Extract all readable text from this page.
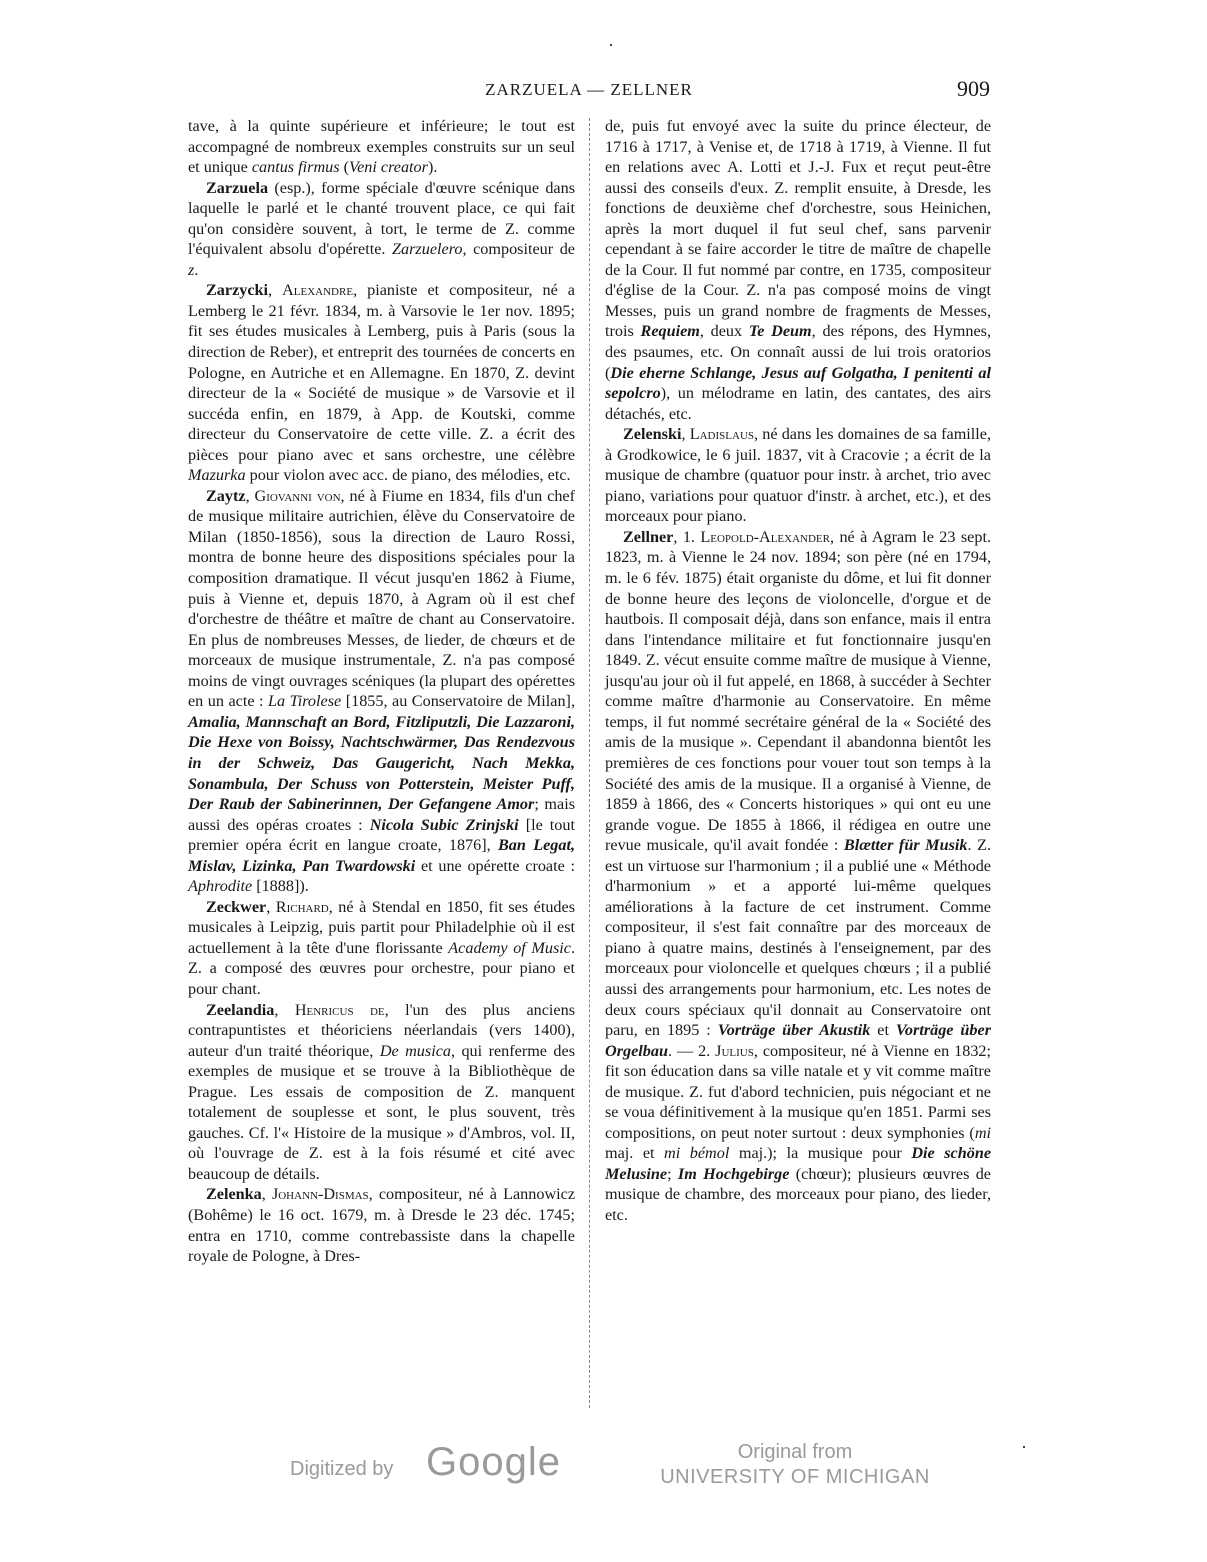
ZARZUELA — ZELLNER	909

tave, à la quinte supérieure et inférieure; le tout est accompagné de nombreux exemples construits sur un seul et unique cantus firmus (Veni creator).

Zarzuela (esp.), forme spéciale d'œuvre scénique dans laquelle le parlé et le chanté trouvent place, ce qui fait qu'on considère souvent, à tort, le terme de Z. comme l'équivalent absolu d'opérette. Zarzuelero, compositeur de z.

Zarzycki, Alexandre, pianiste et compositeur, né a Lemberg le 21 févr. 1834, m. à Varsovie le 1er nov. 1895; fit ses études musicales à Lemberg, puis à Paris (sous la direction de Reber), et entreprit des tournées de concerts en Pologne, en Autriche et en Allemagne. En 1870, Z. devint directeur de la « Société de musique » de Varsovie et il succéda enfin, en 1879, à App. de Koutski, comme directeur du Conservatoire de cette ville. Z. a écrit des pièces pour piano avec et sans orchestre, une célèbre Mazurka pour violon avec acc. de piano, des mélodies, etc.

Zaytz, Giovanni von, né à Fiume en 1834, fils d'un chef de musique militaire autrichien, élève du Conservatoire de Milan (1850-1856), sous la direction de Lauro Rossi, montra de bonne heure des dispositions spéciales pour la composition dramatique. Il vécut jusqu'en 1862 à Fiume, puis à Vienne et, depuis 1870, à Agram où il est chef d'orchestre de théâtre et maître de chant au Conservatoire. En plus de nombreuses Messes, de lieder, de chœurs et de morceaux de musique instrumentale, Z. n'a pas composé moins de vingt ouvrages scéniques (la plupart des opérettes en un acte : La Tirolese [1855, au Conservatoire de Milan], Amalia, Mannschaft an Bord, Fitzliputzli, Die Lazzaroni, Die Hexe von Boissy, Nachtschwärmer, Das Rendezvous in der Schweiz, Das Gaugericht, Nach Mekka, Sonambula, Der Schuss von Potterstein, Meister Puff, Der Raub der Sabinerinnen, Der Gefangene Amor; mais aussi des opéras croates : Nicola Subic Zrinjski [le tout premier opéra écrit en langue croate, 1876], Ban Legat, Mislav, Lizinka, Pan Twardowski et une opérette croate : Aphrodite [1888]).

Zeckwer, Richard, né à Stendal en 1850, fit ses études musicales à Leipzig, puis partit pour Philadelphie où il est actuellement à la tête d'une florissante Academy of Music. Z. a composé des œuvres pour orchestre, pour piano et pour chant.

Zeelandia, Henricus de, l'un des plus anciens contrapuntistes et théoriciens néerlandais (vers 1400), auteur d'un traité théorique, De musica, qui renferme des exemples de musique et se trouve à la Bibliothèque de Prague. Les essais de composition de Z. manquent totalement de souplesse et sont, le plus souvent, très gauches. Cf. l'« Histoire de la musique » d'Ambros, vol. II, où l'ouvrage de Z. est à la fois résumé et cité avec beaucoup de détails.

Zelenka, Johann-Dismas, compositeur, né à Lannowicz (Bohême) le 16 oct. 1679, m. à Dresde le 23 déc. 1745; entra en 1710, comme contrebassiste dans la chapelle royale de Pologne, à Dres-

de, puis fut envoyé avec la suite du prince électeur, de 1716 à 1717, à Venise et, de 1718 à 1719, à Vienne. Il fut en relations avec A. Lotti et J.-J. Fux et reçut peut-être aussi des conseils d'eux. Z. remplit ensuite, à Dresde, les fonctions de deuxième chef d'orchestre, sous Heinichen, après la mort duquel il fut seul chef, sans parvenir cependant à se faire accorder le titre de maître de chapelle de la Cour. Il fut nommé par contre, en 1735, compositeur d'église de la Cour. Z. n'a pas composé moins de vingt Messes, puis un grand nombre de fragments de Messes, trois Requiem, deux Te Deum, des répons, des Hymnes, des psaumes, etc. On connaît aussi de lui trois oratorios (Die eherne Schlange, Jesus auf Golgatha, I penitenti al sepolcro), un mélodrame en latin, des cantates, des airs détachés, etc.

Zelenski, Ladislaus, né dans les domaines de sa famille, à Grodkowice, le 6 juil. 1837, vit à Cracovie ; a écrit de la musique de chambre (quatuor pour instr. à archet, trio avec piano, variations pour quatuor d'instr. à archet, etc.), et des morceaux pour piano.

Zellner, 1. Leopold-Alexander, né à Agram le 23 sept. 1823, m. à Vienne le 24 nov. 1894; son père (né en 1794, m. le 6 fév. 1875) était organiste du dôme, et lui fit donner de bonne heure des leçons de violoncelle, d'orgue et de hautbois. Il composait déjà, dans son enfance, mais il entra dans l'intendance militaire et fut fonctionnaire jusqu'en 1849. Z. vécut ensuite comme maître de musique à Vienne, jusqu'au jour où il fut appelé, en 1868, à succéder à Sechter comme maître d'harmonie au Conservatoire. En même temps, il fut nommé secrétaire général de la « Société des amis de la musique ». Cependant il abandonna bientôt les premières de ces fonctions pour vouer tout son temps à la Société des amis de la musique. Il a organisé à Vienne, de 1859 à 1866, des « Concerts historiques » qui ont eu une grande vogue. De 1855 à 1866, il rédigea en outre une revue musicale, qu'il avait fondée : Blætter für Musik. Z. est un virtuose sur l'harmonium ; il a publié une « Méthode d'harmonium » et a apporté lui-même quelques améliorations à la facture de cet instrument. Comme compositeur, il s'est fait connaître par des morceaux de piano à quatre mains, destinés à l'enseignement, par des morceaux pour violoncelle et quelques chœurs ; il a publié aussi des arrangements pour harmonium, etc. Les notes de deux cours spéciaux qu'il donnait au Conservatoire ont paru, en 1895 : Vorträge über Akustik et Vorträge über Orgelbau. — 2. Julius, compositeur, né à Vienne en 1832; fit son éducation dans sa ville natale et y vit comme maître de musique. Z. fut d'abord technicien, puis négociant et ne se voua définitivement à la musique qu'en 1851. Parmi ses compositions, on peut noter surtout : deux symphonies (mi maj. et mi bémol maj.); la musique pour Die schöne Melusine; Im Hochgebirge (chœur); plusieurs œuvres de musique de chambre, des morceaux pour piano, des lieder, etc.

Digitized by Google	Original from
UNIVERSITY OF MICHIGAN
